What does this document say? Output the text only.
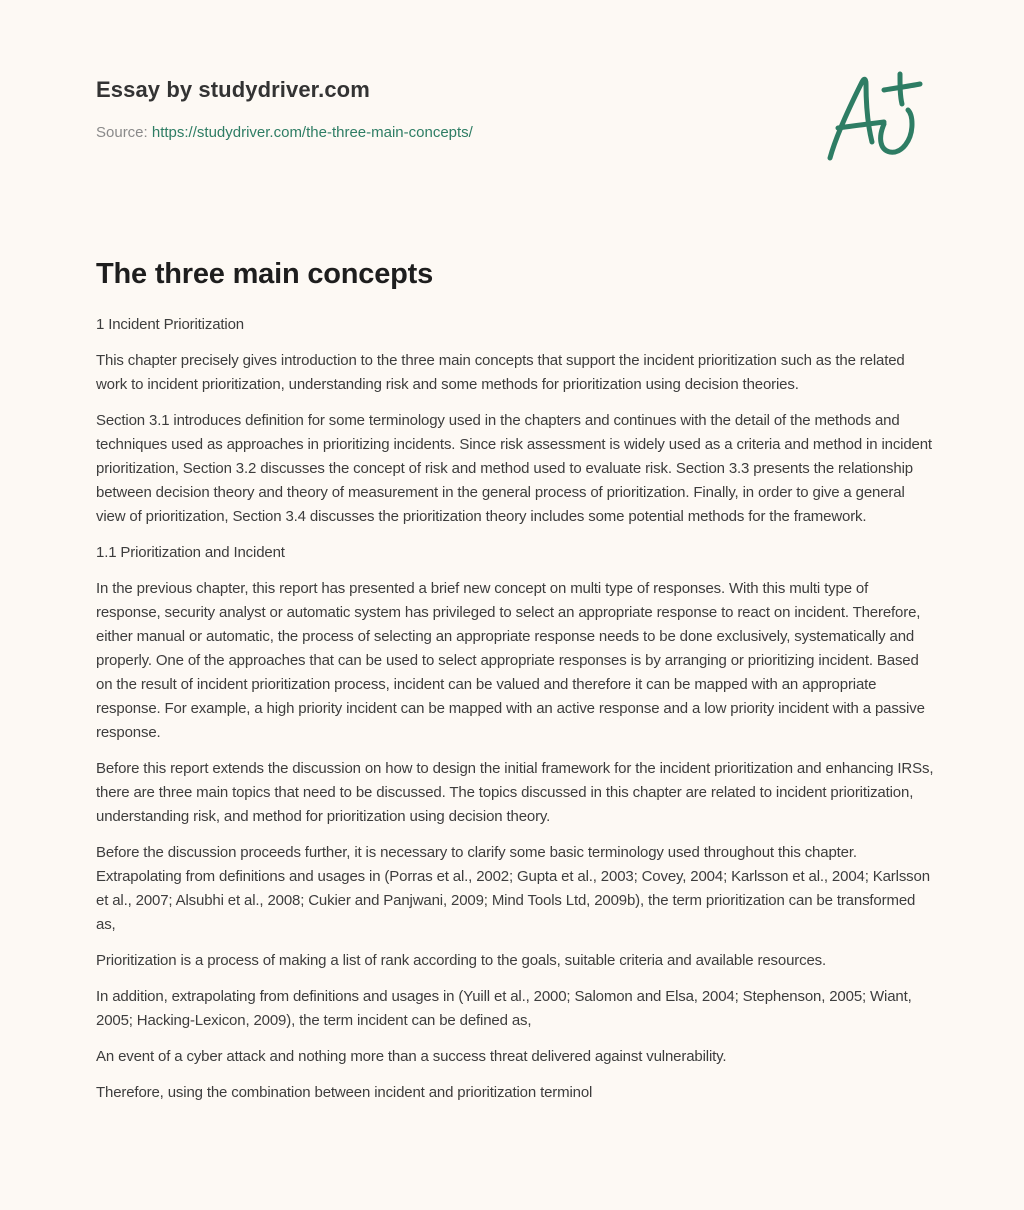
Essay by studydriver.com
Source: https://studydriver.com/the-three-main-concepts/
The three main concepts

1 Incident Prioritization

This chapter precisely gives introduction to the three main concepts that support the incident prioritization such as the related work to incident prioritization, understanding risk and some methods for prioritization using decision theories.

Section 3.1 introduces definition for some terminology used in the chapters and continues with the detail of the methods and techniques used as approaches in prioritizing incidents. Since risk assessment is widely used as a criteria and method in incident prioritization, Section 3.2 discusses the concept of risk and method used to evaluate risk. Section 3.3 presents the relationship between decision theory and theory of measurement in the general process of prioritization. Finally, in order to give a general view of prioritization, Section 3.4 discusses the prioritization theory includes some potential methods for the framework.

1.1 Prioritization and Incident

In the previous chapter, this report has presented a brief new concept on multi type of responses. With this multi type of response, security analyst or automatic system has privileged to select an appropriate response to react on incident. Therefore, either manual or automatic, the process of selecting an appropriate response needs to be done exclusively, systematically and properly. One of the approaches that can be used to select appropriate responses is by arranging or prioritizing incident. Based on the result of incident prioritization process, incident can be valued and therefore it can be mapped with an appropriate response. For example, a high priority incident can be mapped with an active response and a low priority incident with a passive response.

Before this report extends the discussion on how to design the initial framework for the incident prioritization and enhancing IRSs, there are three main topics that need to be discussed. The topics discussed in this chapter are related to incident prioritization, understanding risk, and method for prioritization using decision theory.

Before the discussion proceeds further, it is necessary to clarify some basic terminology used throughout this chapter. Extrapolating from definitions and usages in (Porras et al., 2002; Gupta et al., 2003; Covey, 2004; Karlsson et al., 2004; Karlsson et al., 2007; Alsubhi et al., 2008; Cukier and Panjwani, 2009; Mind Tools Ltd, 2009b), the term prioritization can be transformed as,

Prioritization is a process of making a list of rank according to the goals, suitable criteria and available resources.

In addition, extrapolating from definitions and usages in (Yuill et al., 2000; Salomon and Elsa, 2004; Stephenson, 2005; Wiant, 2005; Hacking-Lexicon, 2009), the term incident can be defined as,

An event of a cyber attack and nothing more than a success threat delivered against vulnerability.

Therefore, using the combination between incident and prioritization terminol
